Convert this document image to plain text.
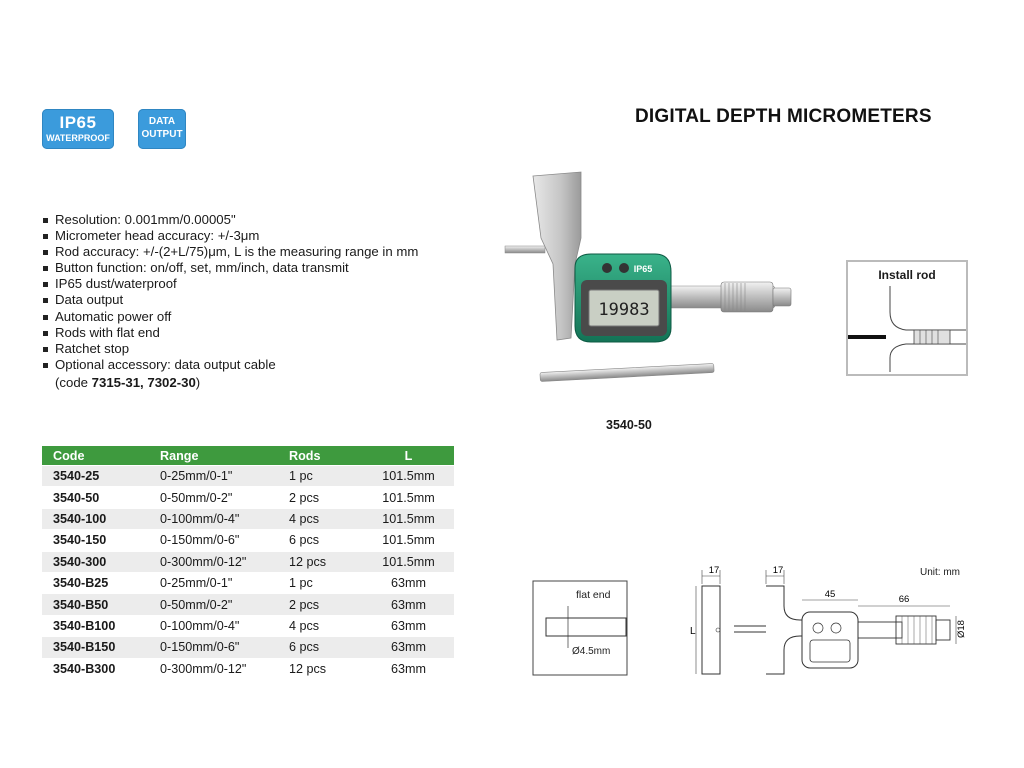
IP65
WATERPROOF
DATA
OUTPUT
DIGITAL DEPTH MICROMETERS
Resolution: 0.001mm/0.00005"
Micrometer head accuracy: +/-3μm
Rod accuracy: +/-(2+L/75)μm, L is the measuring range in mm
Button function: on/off, set, mm/inch, data transmit
IP65 dust/waterproof
Data output
Automatic power off
Rods with flat end
Ratchet stop
Optional accessory: data output cable
(code 7315-31, 7302-30)
19983
IP65
3540-50
Install rod
Code	Range	Rods	L
3540-25	0-25mm/0-1"	1 pc	101.5mm
3540-50	0-50mm/0-2"	2 pcs	101.5mm
3540-100	0-100mm/0-4"	4 pcs	101.5mm
3540-150	0-150mm/0-6"	6 pcs	101.5mm
3540-300	0-300mm/0-12"	12 pcs	101.5mm
3540-B25	0-25mm/0-1"	1 pc	63mm
3540-B50	0-50mm/0-2"	2 pcs	63mm
3540-B100	0-100mm/0-4"	4 pcs	63mm
3540-B150	0-150mm/0-6"	6 pcs	63mm
3540-B300	0-300mm/0-12"	12 pcs	63mm
flat end
Ø4.5mm
17
L
17
45	66
Ø18
Unit: mm
